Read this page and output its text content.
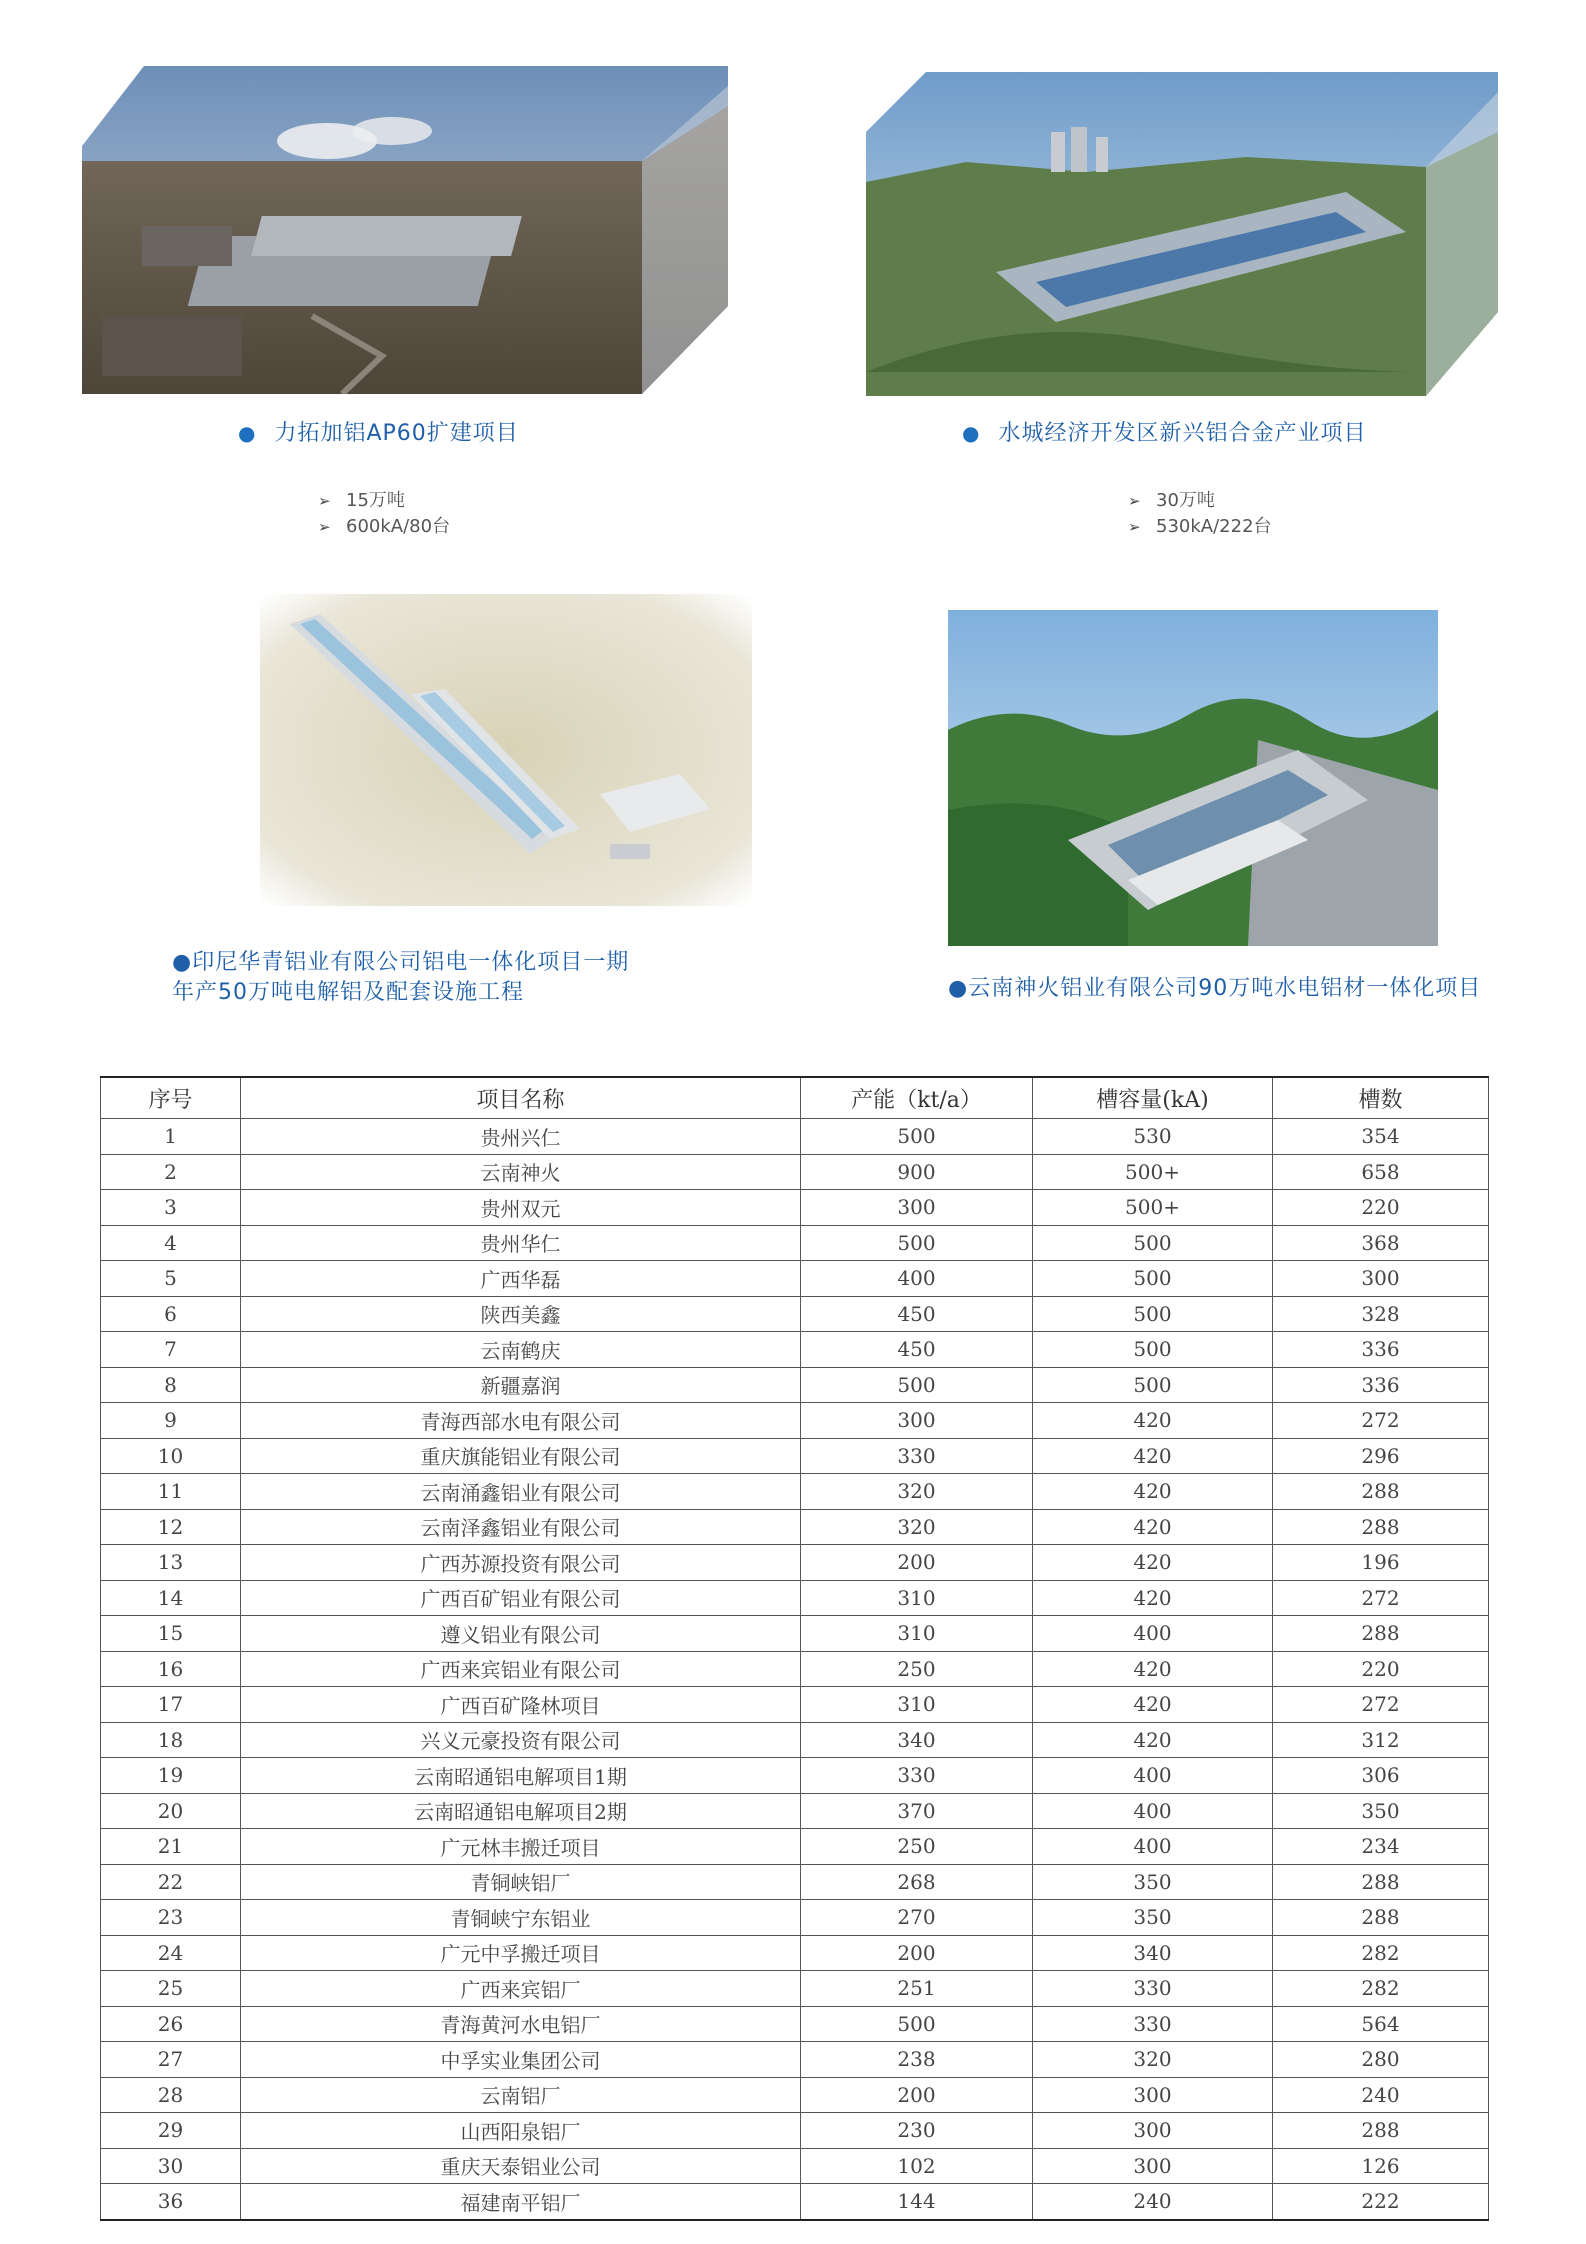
● 力拓加铝AP60扩建项目
➢ 15万吨
➢ 600kA/80台
● 水城经济开发区新兴铝合金产业项目
➢ 30万吨
➢ 530kA/222台
●印尼华青铝业有限公司铝电一体化项目一期
年产50万吨电解铝及配套设施工程	●云南神火铝业有限公司90万吨水电铝材一体化项目
序号	项目名称	产能（kt/a）	槽容量(kA)	槽数
1	贵州兴仁	500	530	354
2	云南神火	900	500+	658
3	贵州双元	300	500+	220
4	贵州华仁	500	500	368
5	广西华磊	400	500	300
6	陕西美鑫	450	500	328
7	云南鹤庆	450	500	336
8	新疆嘉润	500	500	336
9	青海西部水电有限公司	300	420	272
10	重庆旗能铝业有限公司	330	420	296
11	云南涌鑫铝业有限公司	320	420	288
12	云南泽鑫铝业有限公司	320	420	288
13	广西苏源投资有限公司	200	420	196
14	广西百矿铝业有限公司	310	420	272
15	遵义铝业有限公司	310	400	288
16	广西来宾铝业有限公司	250	420	220
17	广西百矿隆林项目	310	420	272
18	兴义元豪投资有限公司	340	420	312
19	云南昭通铝电解项目1期	330	400	306
20	云南昭通铝电解项目2期	370	400	350
21	广元林丰搬迁项目	250	400	234
22	青铜峡铝厂	268	350	288
23	青铜峡宁东铝业	270	350	288
24	广元中孚搬迁项目	200	340	282
25	广西来宾铝厂	251	330	282
26	青海黄河水电铝厂	500	330	564
27	中孚实业集团公司	238	320	280
28	云南铝厂	200	300	240
29	山西阳泉铝厂	230	300	288
30	重庆天泰铝业公司	102	300	126
36	福建南平铝厂	144	240	222
